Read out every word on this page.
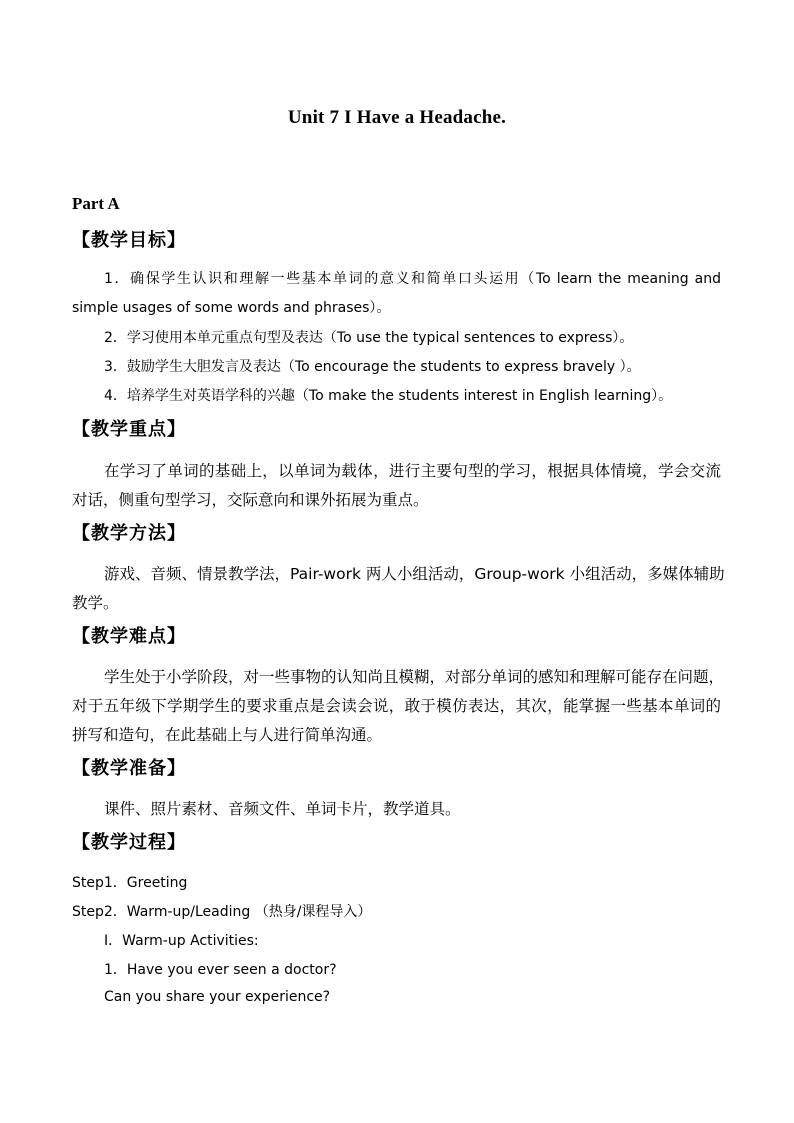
Unit 7 I Have a Headache.
Part A
【教学目标】
1．确保学生认识和理解一些基本单词的意义和简单口头运用（To learn the meaning and
simple usages of some words and phrases）。
2．学习使用本单元重点句型及表达（To use the typical sentences to express）。
3．鼓励学生大胆发言及表达（To encourage the students to express bravely ）。
4．培养学生对英语学科的兴趣（To make the students interest in English learning）。
【教学重点】
在学习了单词的基础上，以单词为载体，进行主要句型的学习，根据具体情境，学会交流
对话，侧重句型学习，交际意向和课外拓展为重点。
【教学方法】
游戏、音频、情景教学法，Pair-work 两人小组活动，Group-work 小组活动，多媒体辅助
教学。
【教学难点】
学生处于小学阶段，对一些事物的认知尚且模糊，对部分单词的感知和理解可能存在问题，
对于五年级下学期学生的要求重点是会读会说，敢于模仿表达，其次，能掌握一些基本单词的
拼写和造句，在此基础上与人进行简单沟通。
【教学准备】
课件、照片素材、音频文件、单词卡片，教学道具。
【教学过程】
Step1．Greeting
Step2．Warm-up/Leading （热身/课程导入）
Ⅰ．Warm-up Activities:
1．Have you ever seen a doctor?
Can you share your experience?
